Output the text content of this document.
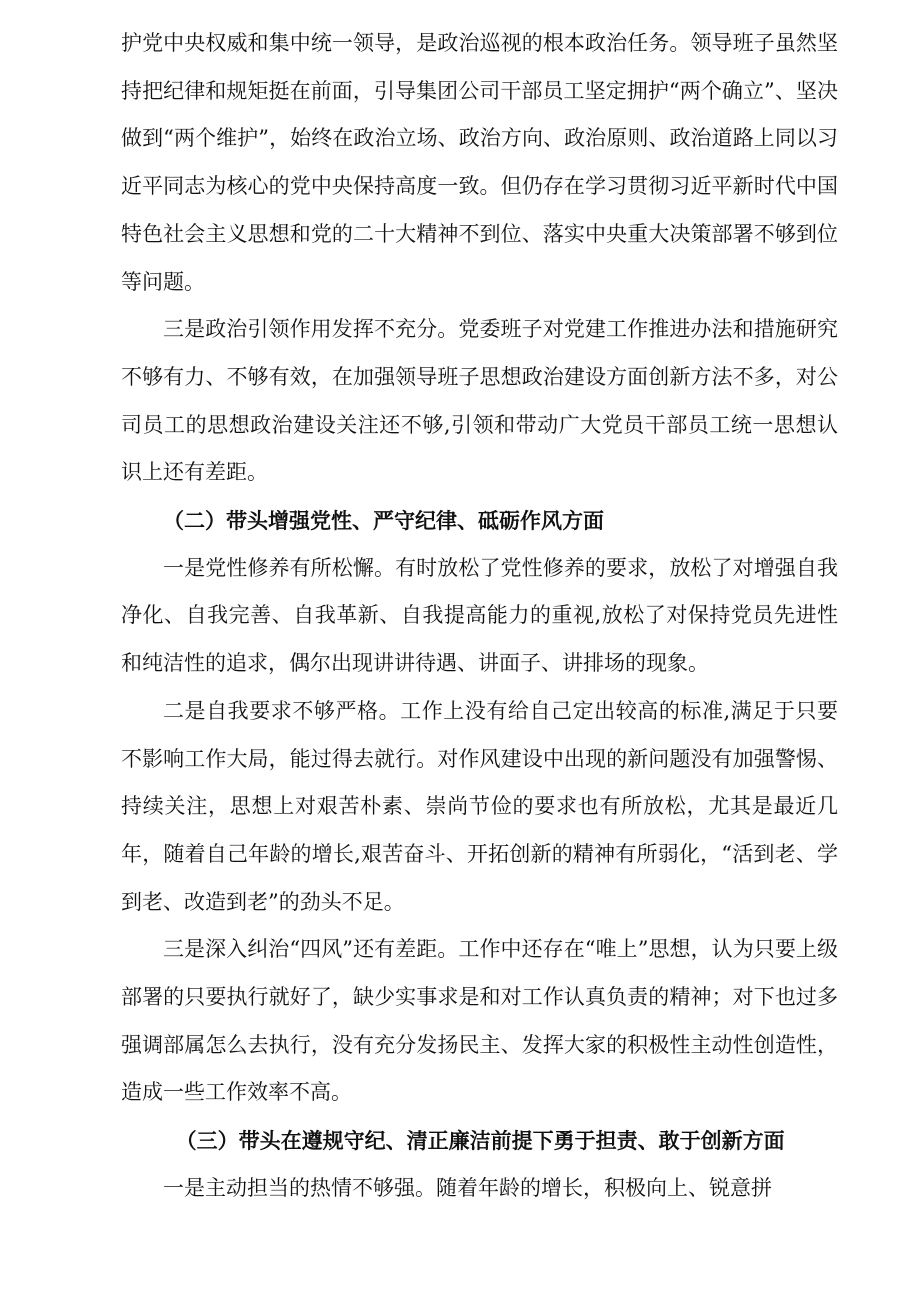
护党中央权威和集中统一领导，是政治巡视的根本政治任务。领导班子虽然坚持把纪律和规矩挺在前面，引导集团公司干部员工坚定拥护“两个确立”、坚决做到“两个维护”，始终在政治立场、政治方向、政治原则、政治道路上同以习近平同志为核心的党中央保持高度一致。但仍存在学习贯彻习近平新时代中国特色社会主义思想和党的二十大精神不到位、落实中央重大决策部署不够到位等问题。

三是政治引领作用发挥不充分。党委班子对党建工作推进办法和措施研究不够有力、不够有效，在加强领导班子思想政治建设方面创新方法不多，对公司员工的思想政治建设关注还不够,引领和带动广大党员干部员工统一思想认识上还有差距。

（二）带头增强党性、严守纪律、砥砺作风方面

一是党性修养有所松懈。有时放松了党性修养的要求，放松了对增强自我净化、自我完善、自我革新、自我提高能力的重视,放松了对保持党员先进性和纯洁性的追求，偶尔出现讲讲待遇、讲面子、讲排场的现象。

二是自我要求不够严格。工作上没有给自己定出较高的标准,满足于只要不影响工作大局，能过得去就行。对作风建设中出现的新问题没有加强警惕、持续关注，思想上对艰苦朴素、崇尚节俭的要求也有所放松，尤其是最近几年，随着自己年龄的增长,艰苦奋斗、开拓创新的精神有所弱化，“活到老、学到老、改造到老”的劲头不足。

三是深入纠治“四风”还有差距。工作中还存在“唯上”思想，认为只要上级部署的只要执行就好了，缺少实事求是和对工作认真负责的精神；对下也过多强调部属怎么去执行，没有充分发扬民主、发挥大家的积极性主动性创造性，造成一些工作效率不高。

（三）带头在遵规守纪、清正廉洁前提下勇于担责、敢于创新方面

一是主动担当的热情不够强。随着年龄的增长，积极向上、锐意拼
